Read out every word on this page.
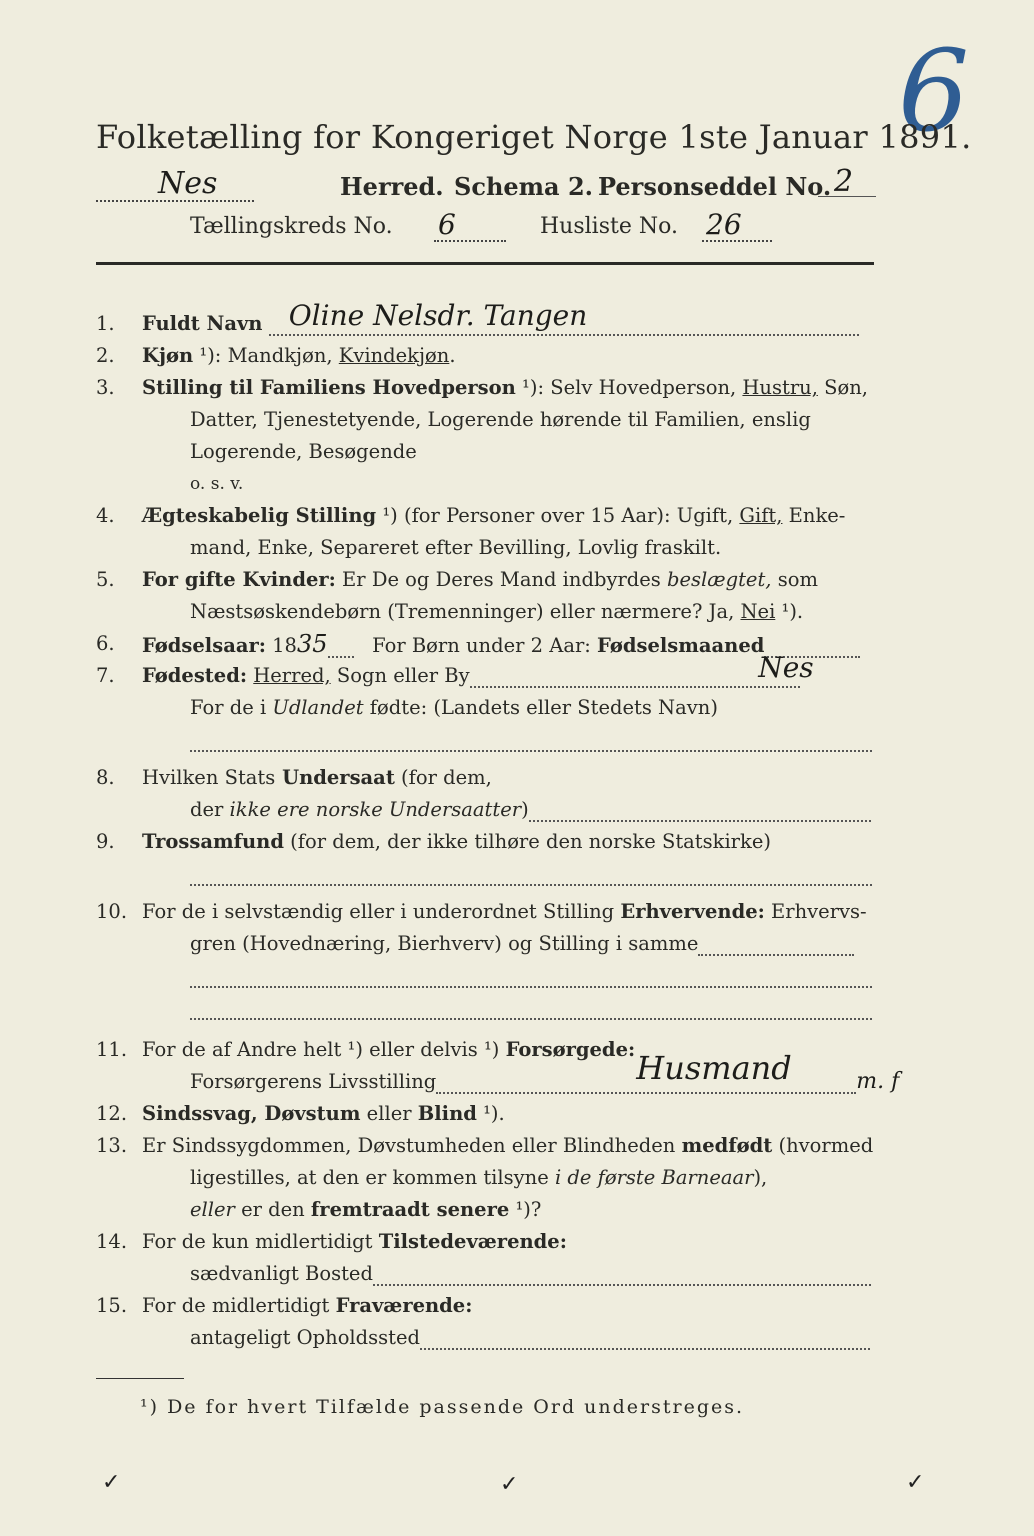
6
Folketælling for Kongeriget Norge 1ste Januar 1891.
Nes	Herred. Schema 2. Personseddel No. 2
Tællingskreds No. 6	Husliste No. 26
1.	Fuldt Navn Oline Nelsdr. Tangen
2.	Kjøn ¹): Mandkjøn, Kvindekjøn.
3.	Stilling til Familiens Hovedperson ¹): Selv Hovedperson, Hustru, Søn,
Datter, Tjenestetyende, Logerende hørende til Familien, enslig
Logerende, Besøgende
o. s. v.
4.	Ægteskabelig Stilling ¹) (for Personer over 15 Aar): Ugift, Gift, Enke-
mand, Enke, Separeret efter Bevilling, Lovlig fraskilt.
5.	For gifte Kvinder: Er De og Deres Mand indbyrdes beslægtet, som
Næstsøskendebørn (Tremenninger) eller nærmere? Ja, Nei ¹).
6.	Fødselsaar: 1835 For Børn under 2 Aar: Fødselsmaaned
7.	Fødested: Herred, Sogn eller By	Nes
For de i Udlandet fødte: (Landets eller Stedets Navn)
8.	Hvilken Stats Undersaat (for dem,
der ikke ere norske Undersaatter)
9.	Trossamfund (for dem, der ikke tilhøre den norske Statskirke)
10. For de i selvstændig eller i underordnet Stilling Erhvervende: Erhvervs-
gren (Hovednæring, Bierhverv) og Stilling i samme
11. For de af Andre helt ¹) eller delvis ¹) Forsørgede:
Forsørgerens Livsstilling	Husmand	m. f
12. Sindssvag, Døvstum eller Blind ¹).
13. Er Sindssygdommen, Døvstumheden eller Blindheden medfødt (hvormed
ligestilles, at den er kommen tilsyne i de første Barneaar),
eller er den fremtraadt senere ¹)?
14. For de kun midlertidigt Tilstedeværende:
sædvanligt Bosted
15. For de midlertidigt Fraværende:
antageligt Opholdssted
¹) De for hvert Tilfælde passende Ord understreges.
✓	✓	✓
